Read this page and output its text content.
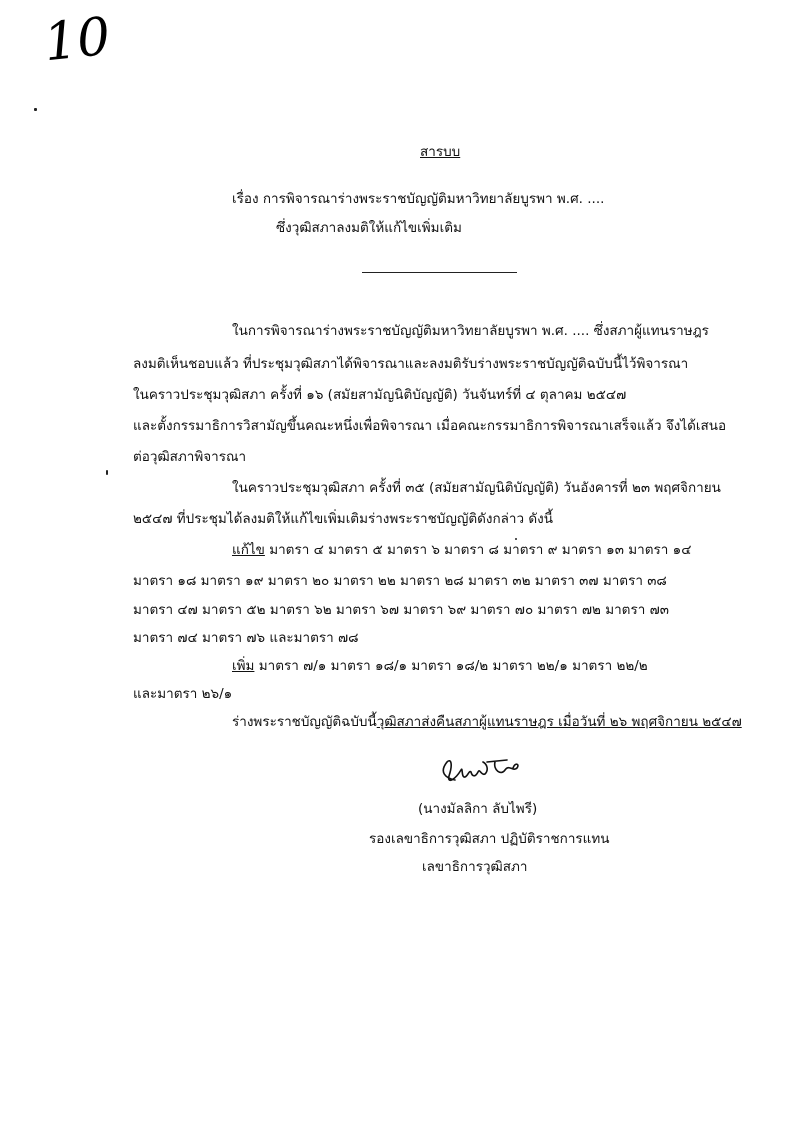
10
สารบบ
เรื่อง การพิจารณาร่างพระราชบัญญัติมหาวิทยาลัยบูรพา พ.ศ. ....
ซึ่งวุฒิสภาลงมติให้แก้ไขเพิ่มเติม
ในการพิจารณาร่างพระราชบัญญัติมหาวิทยาลัยบูรพา พ.ศ. .... ซึ่งสภาผู้แทนราษฎร
ลงมติเห็นชอบแล้ว ที่ประชุมวุฒิสภาได้พิจารณาและลงมติรับร่างพระราชบัญญัติฉบับนี้ไว้พิจารณา
ในคราวประชุมวุฒิสภา ครั้งที่ ๑๖ (สมัยสามัญนิติบัญญัติ) วันจันทร์ที่ ๔ ตุลาคม ๒๕๔๗
และตั้งกรรมาธิการวิสามัญขึ้นคณะหนึ่งเพื่อพิจารณา เมื่อคณะกรรมาธิการพิจารณาเสร็จแล้ว จึงได้เสนอ
ต่อวุฒิสภาพิจารณา
ในคราวประชุมวุฒิสภา ครั้งที่ ๓๕ (สมัยสามัญนิติบัญญัติ) วันอังคารที่ ๒๓ พฤศจิกายน
๒๕๔๗ ที่ประชุมได้ลงมติให้แก้ไขเพิ่มเติมร่างพระราชบัญญัติดังกล่าว ดังนี้
แก้ไข มาตรา ๔ มาตรา ๕ มาตรา ๖ มาตรา ๘ มาตรา ๙ มาตรา ๑๓ มาตรา ๑๔
มาตรา ๑๘ มาตรา ๑๙ มาตรา ๒๐ มาตรา ๒๒ มาตรา ๒๘ มาตรา ๓๒ มาตรา ๓๗ มาตรา ๓๘
มาตรา ๔๗ มาตรา ๕๒ มาตรา ๖๒ มาตรา ๖๗ มาตรา ๖๙ มาตรา ๗๐ มาตรา ๗๒ มาตรา ๗๓
มาตรา ๗๔ มาตรา ๗๖ และมาตรา ๗๘
เพิ่ม มาตรา ๗/๑ มาตรา ๑๘/๑ มาตรา ๑๘/๒ มาตรา ๒๒/๑ มาตรา ๒๒/๒
และมาตรา ๒๖/๑
ร่างพระราชบัญญัติฉบับนี้วุฒิสภาส่งคืนสภาผู้แทนราษฎร เมื่อวันที่ ๒๖ พฤศจิกายน ๒๕๔๗
(นางมัลลิกา ลับไพรี)
รองเลขาธิการวุฒิสภา ปฏิบัติราชการแทน
เลขาธิการวุฒิสภา
